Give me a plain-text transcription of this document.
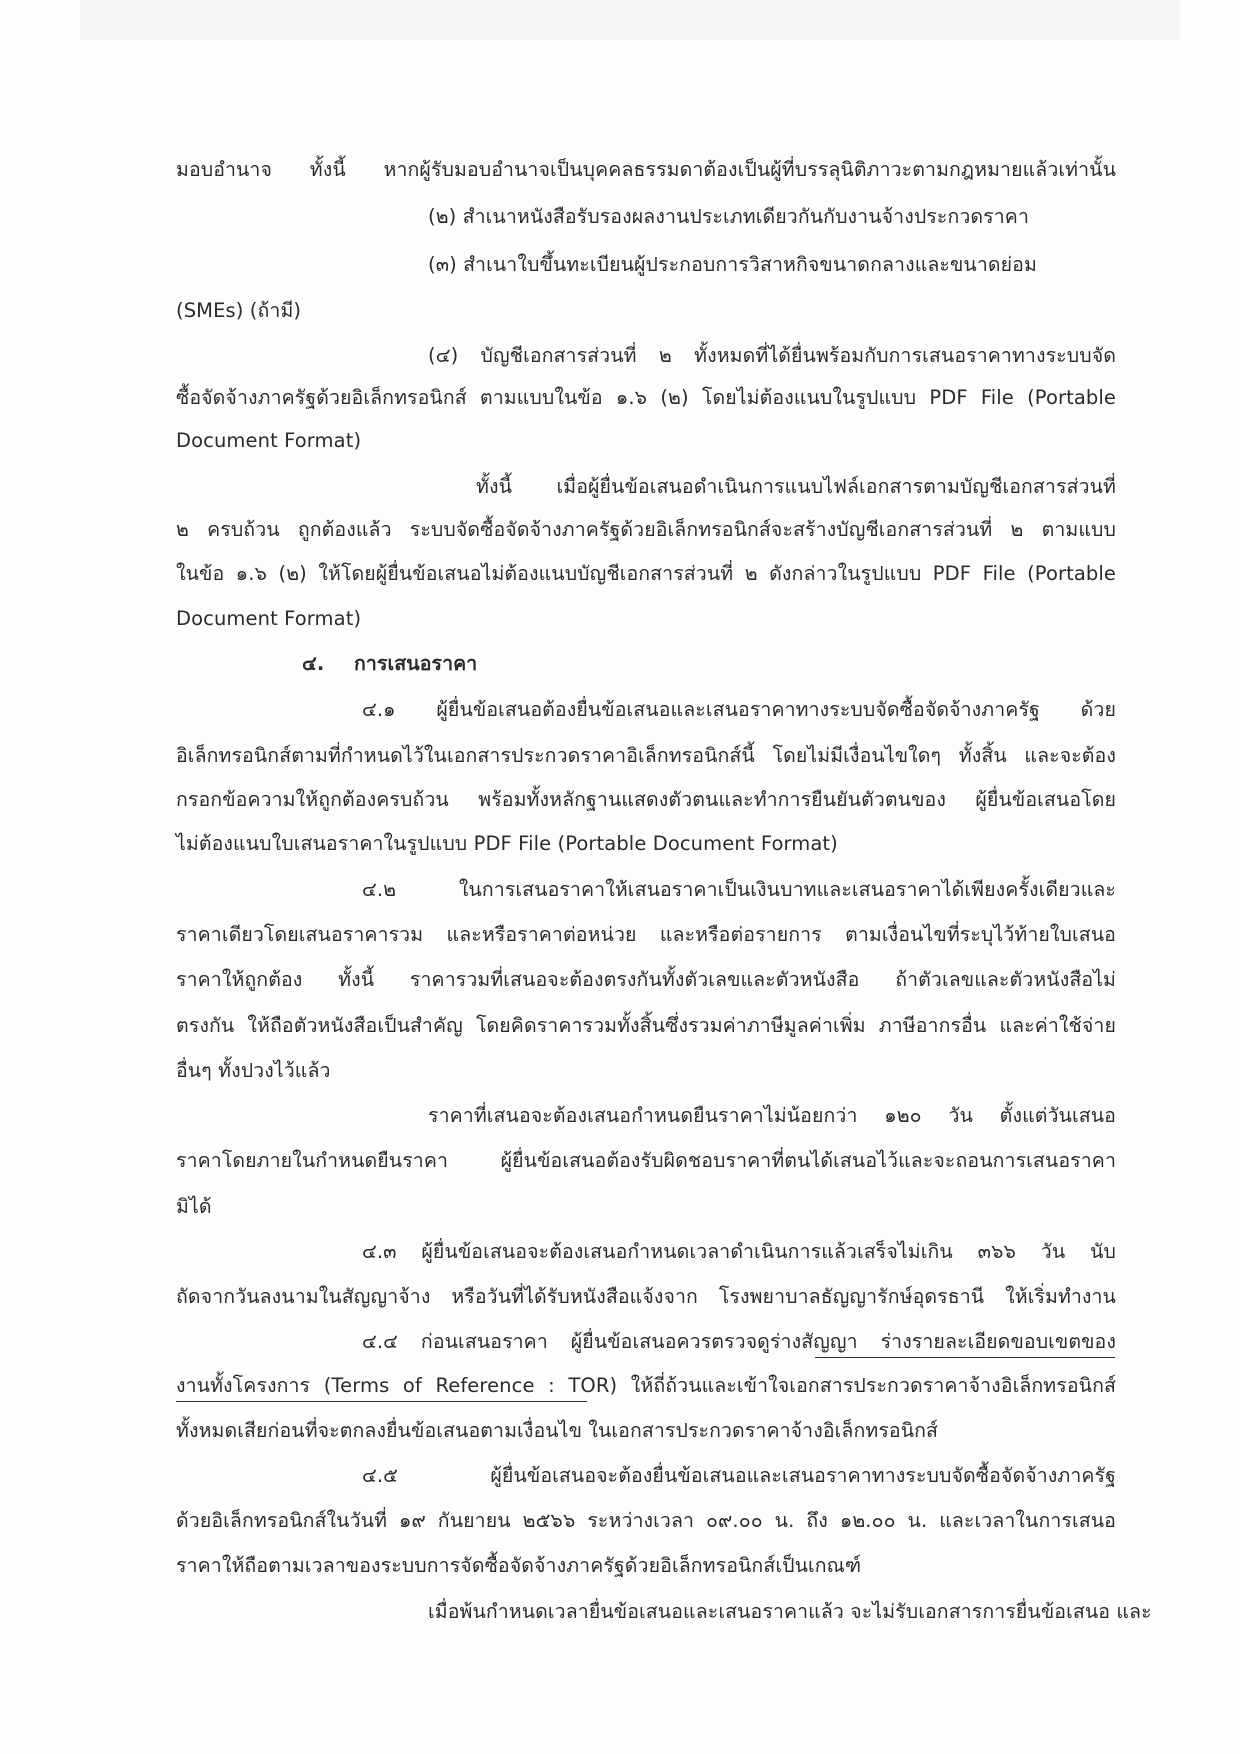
มอบอำนาจ ทั้งนี้ หากผู้รับมอบอำนาจเป็นบุคคลธรรมดาต้องเป็นผู้ที่บรรลุนิติภาวะตามกฎหมายแล้วเท่านั้น
(๒) สำเนาหนังสือรับรองผลงานประเภทเดียวกันกับงานจ้างประกวดราคา
(๓) สำเนาใบขึ้นทะเบียนผู้ประกอบการวิสาหกิจขนาดกลางและขนาดย่อม
(SMEs) (ถ้ามี)
(๔) บัญชีเอกสารส่วนที่ ๒ ทั้งหมดที่ได้ยื่นพร้อมกับการเสนอราคาทางระบบจัด
ซื้อจัดจ้างภาครัฐด้วยอิเล็กทรอนิกส์ ตามแบบในข้อ ๑.๖ (๒) โดยไม่ต้องแนบในรูปแบบ PDF File (Portable
Document Format)
ทั้งนี้ เมื่อผู้ยื่นข้อเสนอดำเนินการแนบไฟล์เอกสารตามบัญชีเอกสารส่วนที่
๒ ครบถ้วน ถูกต้องแล้ว ระบบจัดซื้อจัดจ้างภาครัฐด้วยอิเล็กทรอนิกส์จะสร้างบัญชีเอกสารส่วนที่ ๒ ตามแบบ
ในข้อ ๑.๖ (๒) ให้โดยผู้ยื่นข้อเสนอไม่ต้องแนบบัญชีเอกสารส่วนที่ ๒ ดังกล่าวในรูปแบบ PDF File (Portable
Document Format)
๔. การเสนอราคา
๔.๑ ผู้ยื่นข้อเสนอต้องยื่นข้อเสนอและเสนอราคาทางระบบจัดซื้อจัดจ้างภาครัฐ ด้วย
อิเล็กทรอนิกส์ตามที่กำหนดไว้ในเอกสารประกวดราคาอิเล็กทรอนิกส์นี้ โดยไม่มีเงื่อนไขใดๆ ทั้งสิ้น และจะต้อง
กรอกข้อความให้ถูกต้องครบถ้วน พร้อมทั้งหลักฐานแสดงตัวตนและทำการยืนยันตัวตนของ ผู้ยื่นข้อเสนอโดย
ไม่ต้องแนบใบเสนอราคาในรูปแบบ PDF File (Portable Document Format)
๔.๒ ในการเสนอราคาให้เสนอราคาเป็นเงินบาทและเสนอราคาได้เพียงครั้งเดียวและ
ราคาเดียวโดยเสนอราคารวม และหรือราคาต่อหน่วย และหรือต่อรายการ ตามเงื่อนไขที่ระบุไว้ท้ายใบเสนอ
ราคาให้ถูกต้อง ทั้งนี้ ราคารวมที่เสนอจะต้องตรงกันทั้งตัวเลขและตัวหนังสือ ถ้าตัวเลขและตัวหนังสือไม่
ตรงกัน ให้ถือตัวหนังสือเป็นสำคัญ โดยคิดราคารวมทั้งสิ้นซึ่งรวมค่าภาษีมูลค่าเพิ่ม ภาษีอากรอื่น และค่าใช้จ่าย
อื่นๆ ทั้งปวงไว้แล้ว
ราคาที่เสนอจะต้องเสนอกำหนดยืนราคาไม่น้อยกว่า ๑๒๐ วัน ตั้งแต่วันเสนอ
ราคาโดยภายในกำหนดยืนราคา ผู้ยื่นข้อเสนอต้องรับผิดชอบราคาที่ตนได้เสนอไว้และจะถอนการเสนอราคา
มิได้
๔.๓ ผู้ยื่นข้อเสนอจะต้องเสนอกำหนดเวลาดำเนินการแล้วเสร็จไม่เกิน ๓๖๖ วัน นับ
ถัดจากวันลงนามในสัญญาจ้าง หรือวันที่ได้รับหนังสือแจ้งจาก โรงพยาบาลธัญญารักษ์อุดรธานี ให้เริ่มทำงาน
๔.๔ ก่อนเสนอราคา ผู้ยื่นข้อเสนอควรตรวจดูร่างสัญญา ร่างรายละเอียดขอบเขตของ
งานทั้งโครงการ (Terms of Reference : TOR) ให้ถี่ถ้วนและเข้าใจเอกสารประกวดราคาจ้างอิเล็กทรอนิกส์
ทั้งหมดเสียก่อนที่จะตกลงยื่นข้อเสนอตามเงื่อนไข ในเอกสารประกวดราคาจ้างอิเล็กทรอนิกส์
๔.๕ ผู้ยื่นข้อเสนอจะต้องยื่นข้อเสนอและเสนอราคาทางระบบจัดซื้อจัดจ้างภาครัฐ
ด้วยอิเล็กทรอนิกส์ในวันที่ ๑๙ กันยายน ๒๕๖๖ ระหว่างเวลา ๐๙.๐๐ น. ถึง ๑๒.๐๐ น. และเวลาในการเสนอ
ราคาให้ถือตามเวลาของระบบการจัดซื้อจัดจ้างภาครัฐด้วยอิเล็กทรอนิกส์เป็นเกณฑ์
เมื่อพ้นกำหนดเวลายื่นข้อเสนอและเสนอราคาแล้ว จะไม่รับเอกสารการยื่นข้อเสนอ และ
